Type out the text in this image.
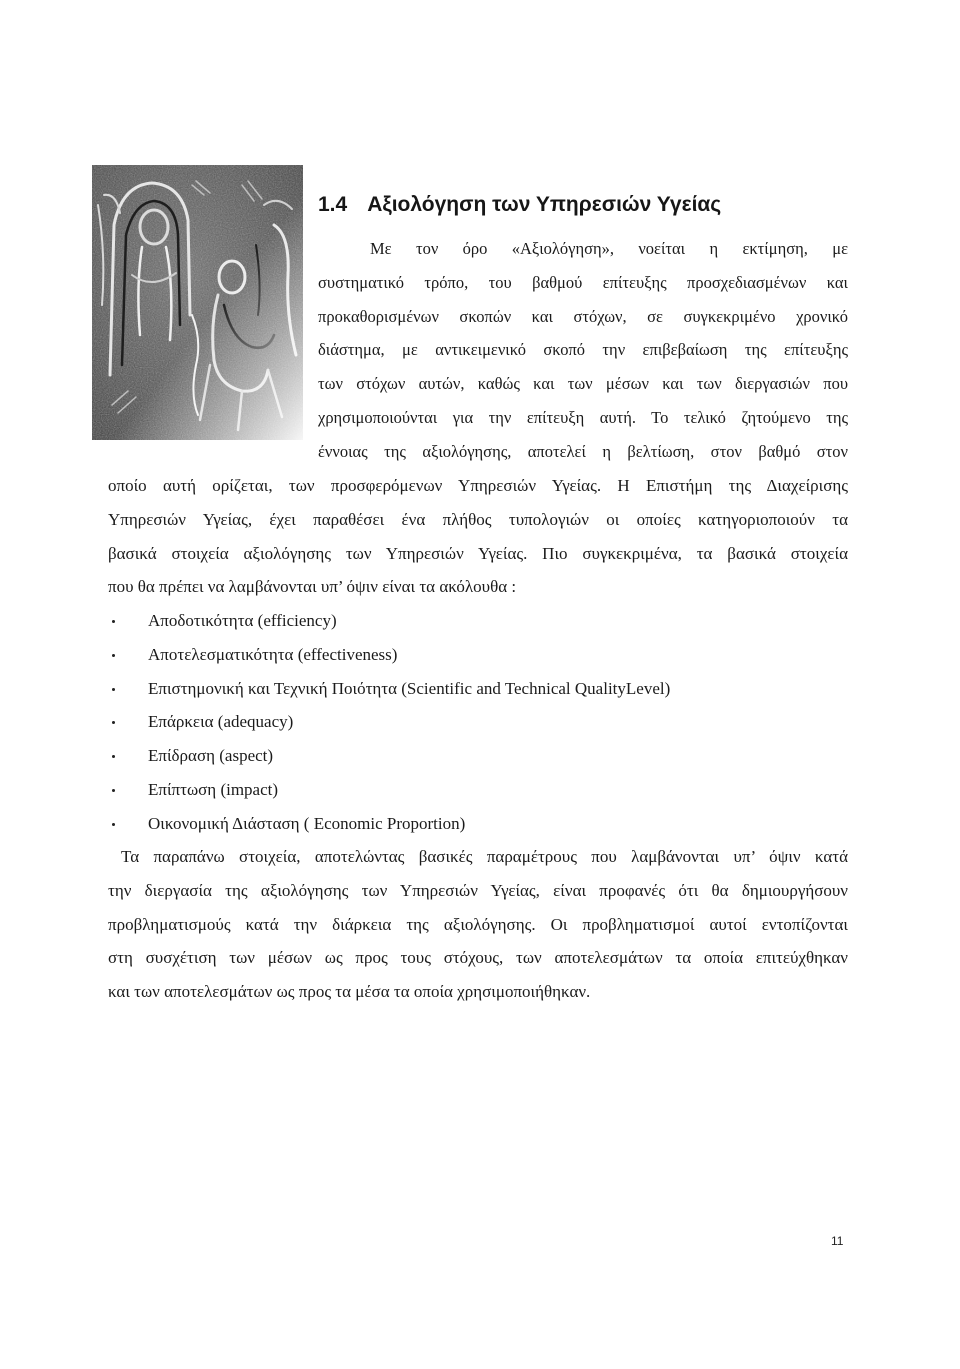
1.4 Αξιολόγηση των Υπηρεσιών Υγείας
Με τον όρο «Αξιολόγηση», νοείται η εκτίμηση, με
συστηματικό τρόπο, του βαθμού επίτευξης προσχεδιασμένων και
προκαθορισμένων σκοπών και στόχων, σε συγκεκριμένο χρονικό
διάστημα, με αντικειμενικό σκοπό την επιβεβαίωση της επίτευξης
των στόχων αυτών, καθώς και των μέσων και των διεργασιών που
χρησιμοποιούνται για την επίτευξη αυτή. Το τελικό ζητούμενο της
έννοιας της αξιολόγησης, αποτελεί η βελτίωση, στον βαθμό στον
οποίο αυτή ορίζεται, των προσφερόμενων Υπηρεσιών Υγείας. Η Επιστήμη της Διαχείρισης
Υπηρεσιών Υγείας, έχει παραθέσει ένα πλήθος τυπολογιών οι οποίες κατηγοριοποιούν τα
βασικά στοιχεία αξιολόγησης των Υπηρεσιών Υγείας. Πιο συγκεκριμένα, τα βασικά στοιχεία
που θα πρέπει να λαμβάνονται υπ’ όψιν είναι τα ακόλουθα :
Αποδοτικότητα (efficiency)
Αποτελεσματικότητα (effectiveness)
Επιστημονική και Τεχνική Ποιότητα (Scientific and Technical QualityLevel)
Επάρκεια (adequacy)
Επίδραση (aspect)
Επίπτωση (impact)
Οικονομική Διάσταση ( Economic Proportion)
Τα παραπάνω στοιχεία, αποτελώντας βασικές παραμέτρους που λαμβάνονται υπ’ όψιν κατά
την διεργασία της αξιολόγησης των Υπηρεσιών Υγείας, είναι προφανές ότι θα δημιουργήσουν
προβληματισμούς κατά την διάρκεια της αξιολόγησης. Οι προβληματισμοί αυτοί εντοπίζονται
στη συσχέτιση των μέσων ως προς τους στόχους, των αποτελεσμάτων τα οποία επιτεύχθηκαν
και των αποτελεσμάτων ως προς τα μέσα τα οποία χρησιμοποιήθηκαν.
11
